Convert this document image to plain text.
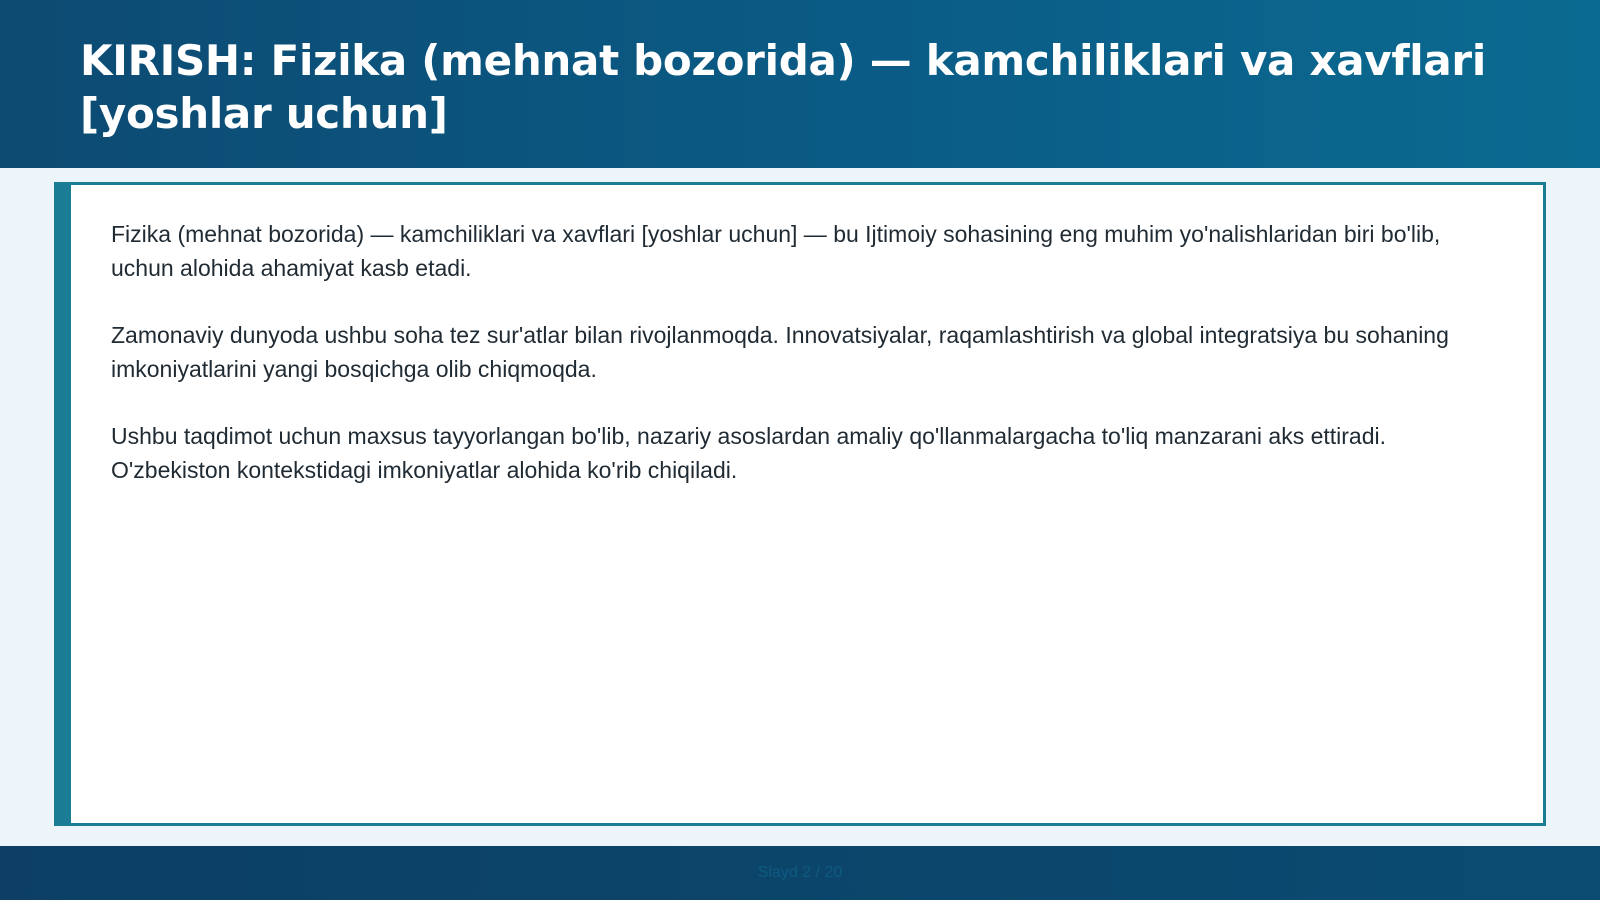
KIRISH: Fizika (mehnat bozorida) — kamchiliklari va xavflari [yoshlar uchun]

Fizika (mehnat bozorida) — kamchiliklari va xavflari [yoshlar uchun] — bu Ijtimoiy sohasining eng muhim yo'nalishlaridan biri bo'lib, uchun alohida ahamiyat kasb etadi.

Zamonaviy dunyoda ushbu soha tez sur'atlar bilan rivojlanmoqda. Innovatsiyalar, raqamlashtirish va global integratsiya bu sohaning imkoniyatlarini yangi bosqichga olib chiqmoqda.

Ushbu taqdimot uchun maxsus tayyorlangan bo'lib, nazariy asoslardan amaliy qo'llanmalargacha to'liq manzarani aks ettiradi. O'zbekiston kontekstidagi imkoniyatlar alohida ko'rib chiqiladi.

Slayd 2 / 20
